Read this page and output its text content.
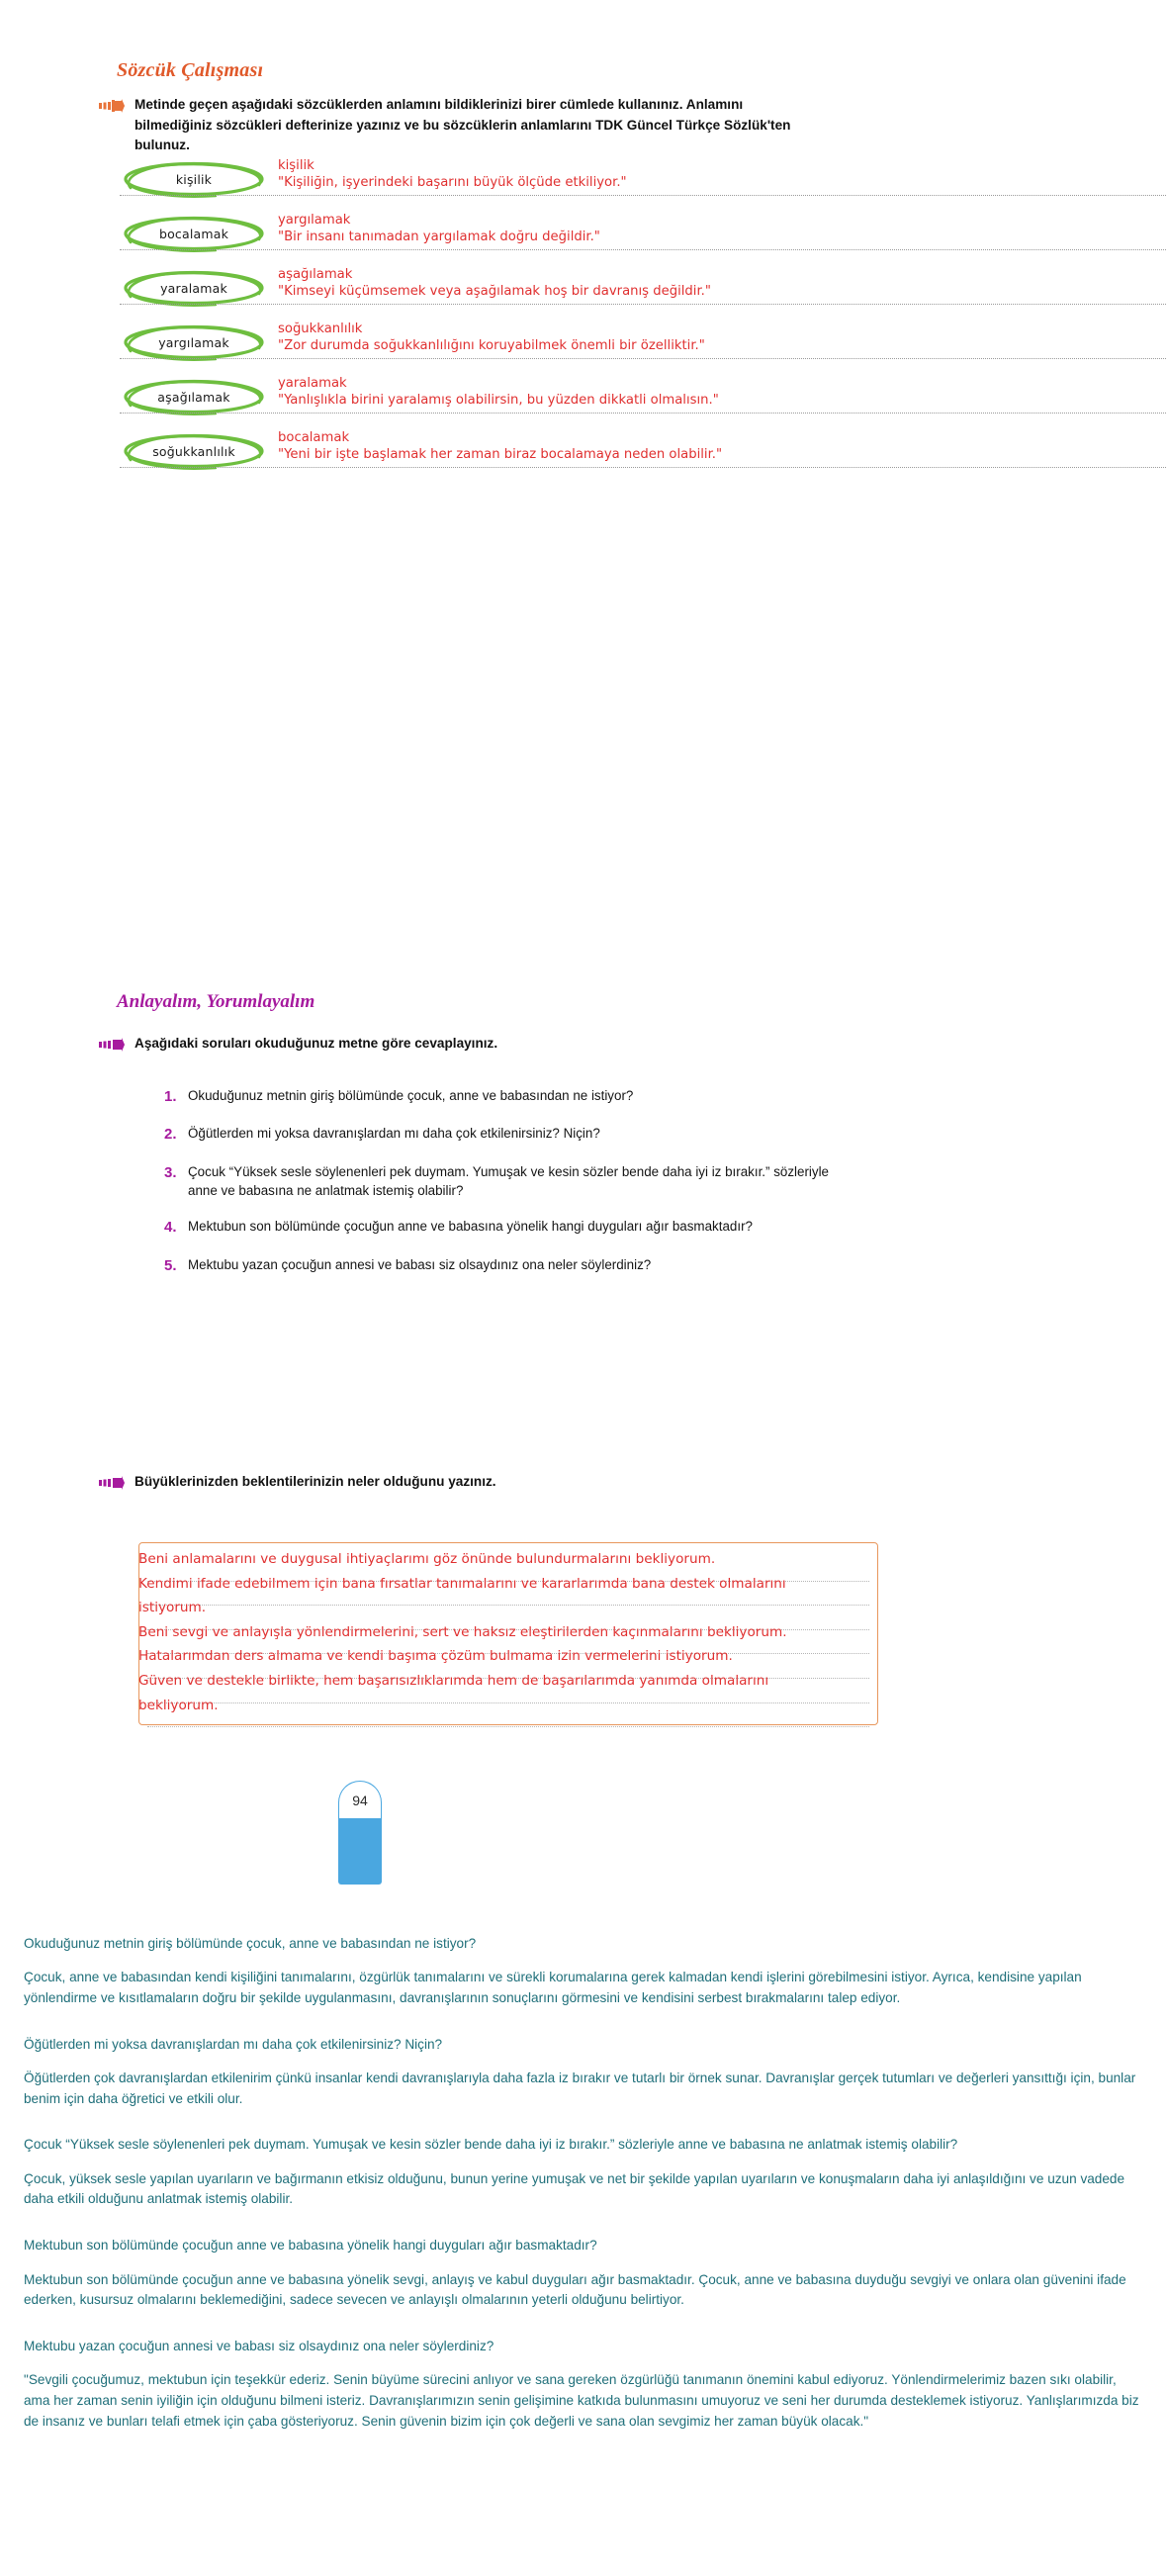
Sözcük Çalışması
Metinde geçen aşağıdaki sözcüklerden anlamını bildiklerinizi birer cümlede kullanınız. Anlamını bilmediğiniz sözcükleri defterinize yazınız ve bu sözcüklerin anlamlarını TDK Güncel Türkçe Sözlük'ten bulunuz.
kişilik
bocalamak
yaralamak
yargılamak
aşağılamak
soğukkanlılık
kişilik
"Kişiliğin, işyerindeki başarını büyük ölçüde etkiliyor."
yargılamak
"Bir insanı tanımadan yargılamak doğru değildir."
aşağılamak
"Kimseyi küçümsemek veya aşağılamak hoş bir davranış değildir."
soğukkanlılık
"Zor durumda soğukkanlılığını koruyabilmek önemli bir özelliktir."
yaralamak
"Yanlışlıkla birini yaralamış olabilirsin, bu yüzden dikkatli olmalısın."
bocalamak
"Yeni bir işte başlamak her zaman biraz bocalamaya neden olabilir."
Anlayalım, Yorumlayalım
Aşağıdaki soruları okuduğunuz metne göre cevaplayınız.
1. Okuduğunuz metnin giriş bölümünde çocuk, anne ve babasından ne istiyor?
2. Öğütlerden mi yoksa davranışlardan mı daha çok etkilenirsiniz? Niçin?
3. Çocuk “Yüksek sesle söylenenleri pek duymam. Yumuşak ve kesin sözler bende daha iyi iz bırakır.” sözleriyle anne ve babasına ne anlatmak istemiş olabilir?
4. Mektubun son bölümünde çocuğun anne ve babasına yönelik hangi duyguları ağır basmaktadır?
5. Mektubu yazan çocuğun annesi ve babası siz olsaydınız ona neler söylerdiniz?
Büyüklerinizden beklentilerinizin neler olduğunu yazınız.
Beni anlamalarını ve duygusal ihtiyaçlarımı göz önünde bulundurmalarını bekliyorum.
Kendimi ifade edebilmem için bana fırsatlar tanımalarını ve kararlarımda bana destek olmalarını
istiyorum.
Beni sevgi ve anlayışla yönlendirmelerini, sert ve haksız eleştirilerden kaçınmalarını bekliyorum.
Hatalarımdan ders almama ve kendi başıma çözüm bulmama izin vermelerini istiyorum.
Güven ve destekle birlikte, hem başarısızlıklarımda hem de başarılarımda yanımda olmalarını
bekliyorum.
94

Okuduğunuz metnin giriş bölümünde çocuk, anne ve babasından ne istiyor?

Çocuk, anne ve babasından kendi kişiliğini tanımalarını, özgürlük tanımalarını ve sürekli korumalarına gerek kalmadan kendi işlerini görebilmesini istiyor. Ayrıca, kendisine yapılan yönlendirme ve kısıtlamaların doğru bir şekilde uygulanmasını, davranışlarının sonuçlarını görmesini ve kendisini serbest bırakmalarını talep ediyor.

Öğütlerden mi yoksa davranışlardan mı daha çok etkilenirsiniz? Niçin?

Öğütlerden çok davranışlardan etkilenirim çünkü insanlar kendi davranışlarıyla daha fazla iz bırakır ve tutarlı bir örnek sunar. Davranışlar gerçek tutumları ve değerleri yansıttığı için, bunlar benim için daha öğretici ve etkili olur.

Çocuk “Yüksek sesle söylenenleri pek duymam. Yumuşak ve kesin sözler bende daha iyi iz bırakır.” sözleriyle anne ve babasına ne anlatmak istemiş olabilir?

Çocuk, yüksek sesle yapılan uyarıların ve bağırmanın etkisiz olduğunu, bunun yerine yumuşak ve net bir şekilde yapılan uyarıların ve konuşmaların daha iyi anlaşıldığını ve uzun vadede daha etkili olduğunu anlatmak istemiş olabilir.

Mektubun son bölümünde çocuğun anne ve babasına yönelik hangi duyguları ağır basmaktadır?

Mektubun son bölümünde çocuğun anne ve babasına yönelik sevgi, anlayış ve kabul duyguları ağır basmaktadır. Çocuk, anne ve babasına duyduğu sevgiyi ve onlara olan güvenini ifade ederken, kusursuz olmalarını beklemediğini, sadece sevecen ve anlayışlı olmalarının yeterli olduğunu belirtiyor.

Mektubu yazan çocuğun annesi ve babası siz olsaydınız ona neler söylerdiniz?

"Sevgili çocuğumuz, mektubun için teşekkür ederiz. Senin büyüme sürecini anlıyor ve sana gereken özgürlüğü tanımanın önemini kabul ediyoruz. Yönlendirmelerimiz bazen sıkı olabilir, ama her zaman senin iyiliğin için olduğunu bilmeni isteriz. Davranışlarımızın senin gelişimine katkıda bulunmasını umuyoruz ve seni her durumda desteklemek istiyoruz. Yanlışlarımızda biz de insanız ve bunları telafi etmek için çaba gösteriyoruz. Senin güvenin bizim için çok değerli ve sana olan sevgimiz her zaman büyük olacak."
